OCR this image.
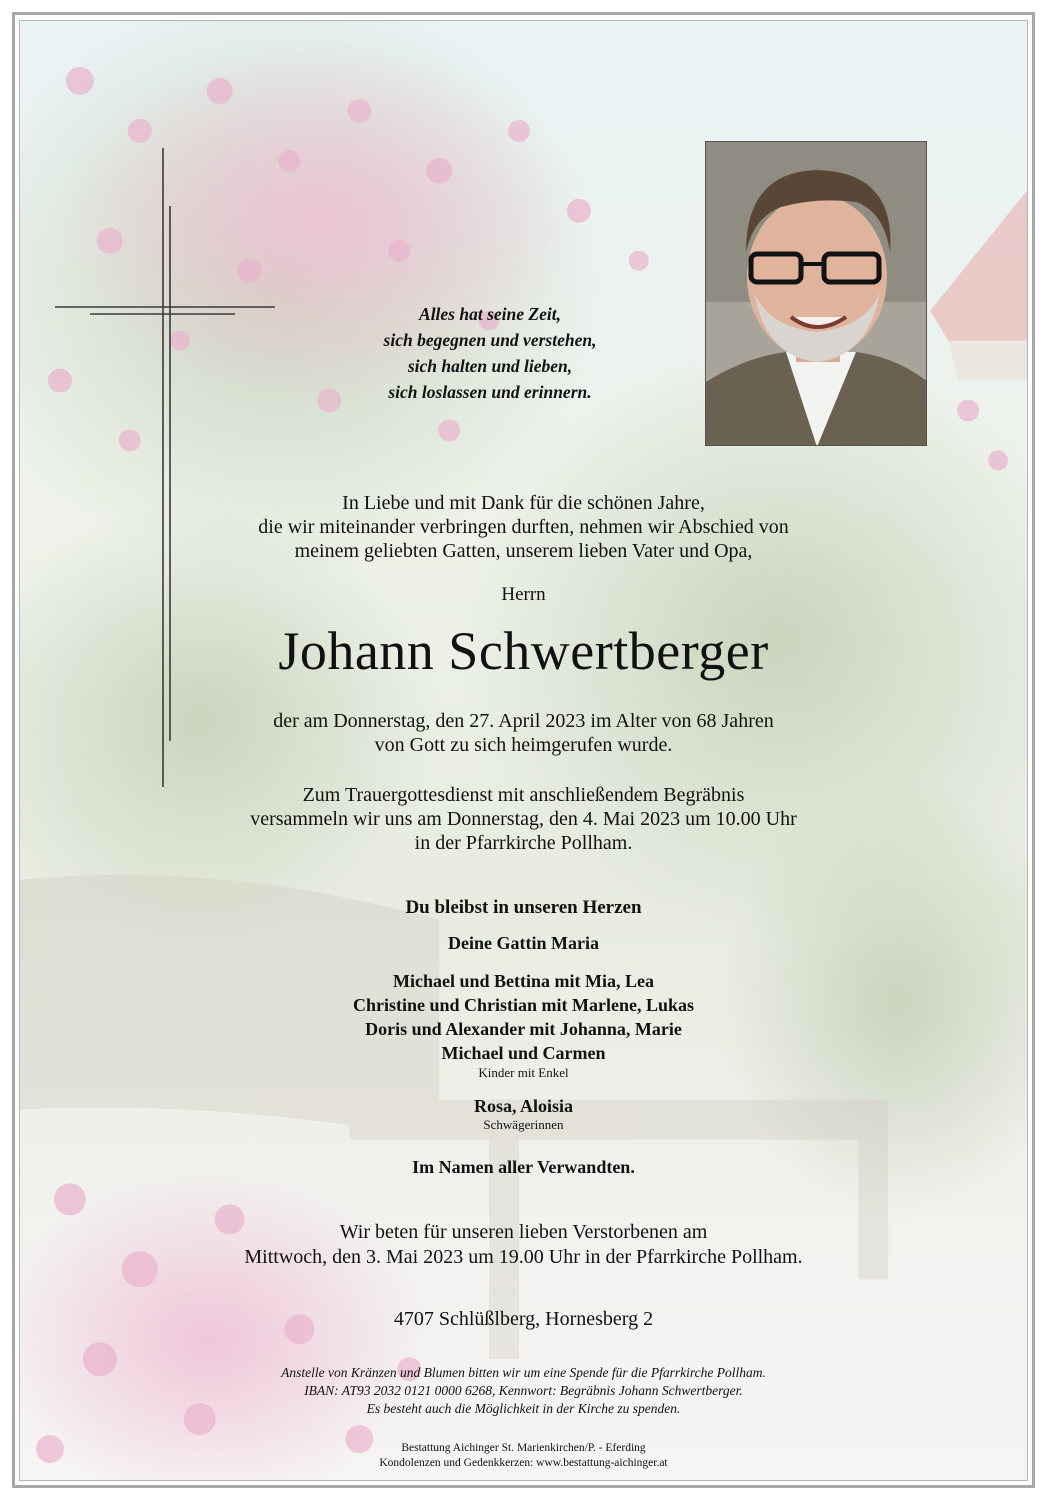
Alles hat seine Zeit,
sich begegnen und verstehen,
sich halten und lieben,
sich loslassen und erinnern.
In Liebe und mit Dank für die schönen Jahre,
die wir miteinander verbringen durften, nehmen wir Abschied von
meinem geliebten Gatten, unserem lieben Vater und Opa,
Herrn
Johann Schwertberger
der am Donnerstag, den 27. April 2023 im Alter von 68 Jahren
von Gott zu sich heimgerufen wurde.
Zum Trauergottesdienst mit anschließendem Begräbnis
versammeln wir uns am Donnerstag, den 4. Mai 2023 um 10.00 Uhr
in der Pfarrkirche Pollham.
Du bleibst in unseren Herzen
Deine Gattin Maria
Michael und Bettina mit Mia, Lea
Christine und Christian mit Marlene, Lukas
Doris und Alexander mit Johanna, Marie
Michael und Carmen
Kinder mit Enkel
Rosa, Aloisia
Schwägerinnen
Im Namen aller Verwandten.
Wir beten für unseren lieben Verstorbenen am
Mittwoch, den 3. Mai 2023 um 19.00 Uhr in der Pfarrkirche Pollham.
4707 Schlüßlberg, Hornesberg 2
Anstelle von Kränzen und Blumen bitten wir um eine Spende für die Pfarrkirche Pollham.
IBAN: AT93 2032 0121 0000 6268, Kennwort: Begräbnis Johann Schwertberger.
Es besteht auch die Möglichkeit in der Kirche zu spenden.
Bestattung Aichinger St. Marienkirchen/P. - Eferding
Kondolenzen und Gedenkkerzen: www.bestattung-aichinger.at
